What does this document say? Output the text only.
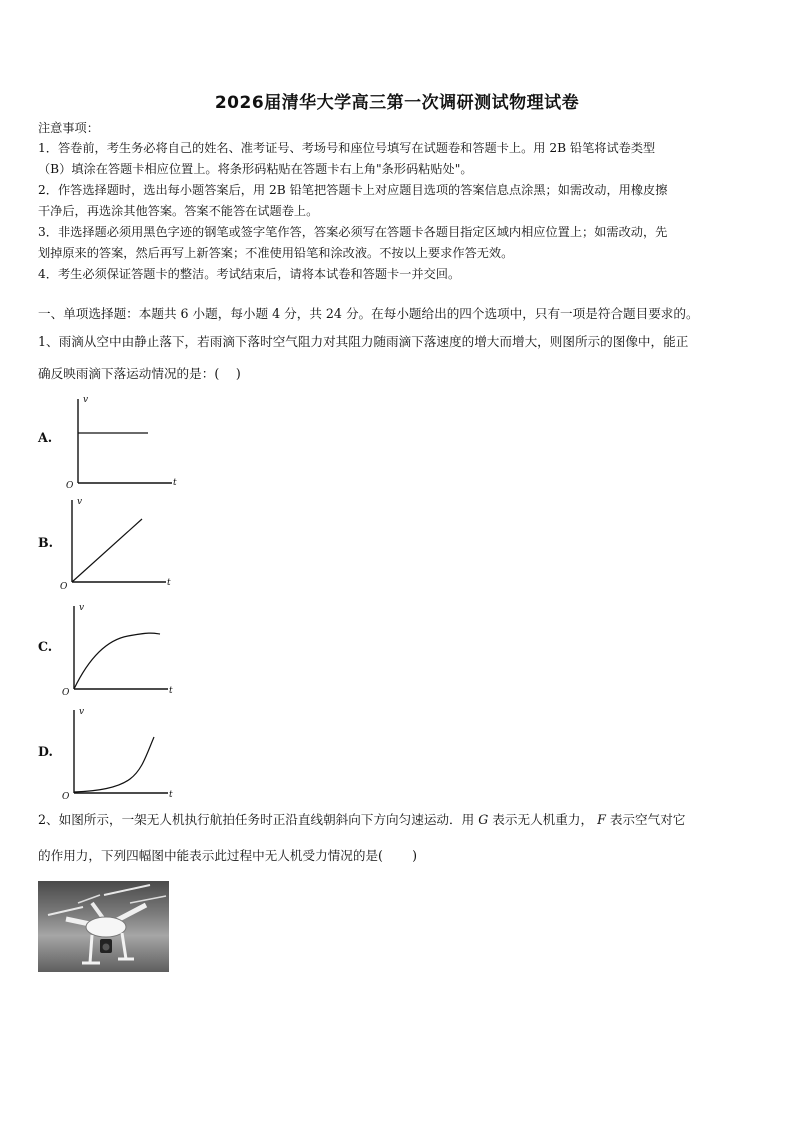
2026届清华大学高三第一次调研测试物理试卷
注意事项：
1．答卷前，考生务必将自己的姓名、准考证号、考场号和座位号填写在试题卷和答题卡上。用 2B 铅笔将试卷类型
（B）填涂在答题卡相应位置上。将条形码粘贴在答题卡右上角"条形码粘贴处"。
2．作答选择题时，选出每小题答案后，用 2B 铅笔把答题卡上对应题目选项的答案信息点涂黑；如需改动，用橡皮擦
干净后，再选涂其他答案。答案不能答在试题卷上。
3．非选择题必须用黑色字迹的钢笔或签字笔作答，答案必须写在答题卡各题目指定区域内相应位置上；如需改动，先
划掉原来的答案，然后再写上新答案；不准使用铅笔和涂改液。不按以上要求作答无效。
4．考生必须保证答题卡的整洁。考试结束后，请将本试卷和答题卡一并交回。
一、单项选择题：本题共 6 小题，每小题 4 分，共 24 分。在每小题给出的四个选项中，只有一项是符合题目要求的。
1、雨滴从空中由静止落下，若雨滴下落时空气阻力对其阻力随雨滴下落速度的增大而增大，则图所示的图像中，能正
确反映雨滴下落运动情况的是：(　 )
A.
v
t
O
B.
v
t
O
C.
v
t
O
D.
v
t
O
2、如图所示，一架无人机执行航拍任务时正沿直线朝斜向下方向匀速运动．用 G 表示无人机重力， F 表示空气对它
的作用力，下列四幅图中能表示此过程中无人机受力情况的是(　 　)
